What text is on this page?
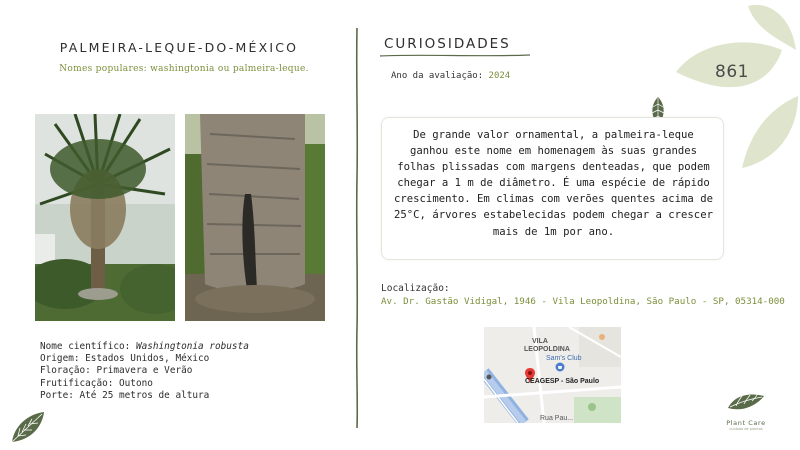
861
PALMEIRA-LEQUE-DO-MÉXICO
Nomes populares: washingtonia ou palmeira-leque.
Nome científico: Washingtonia robusta
Origem: Estados Unidos, México
Floração: Primavera e Verão
Frutificação: Outono
Porte: Até 25 metros de altura
CURIOSIDADES
Ano da avaliação: 2024

De grande valor ornamental, a palmeira-leque ganhou este nome em homenagem às suas grandes folhas plissadas com margens denteadas, que podem chegar a 1 m de diâmetro. É uma espécie de rápido crescimento. Em climas com verões quentes acima de 25°C, árvores estabelecidas podem chegar a crescer mais de 1m por ano.

Localização:
Av. Dr. Gastão Vidigal, 1946 - Vila Leopoldina, São Paulo - SP, 05314-000
VILA
LEOPOLDINA
Sam's Club
CEAGESP - São Paulo
Rua Pau...
Plant Care
cuidado de plantas
